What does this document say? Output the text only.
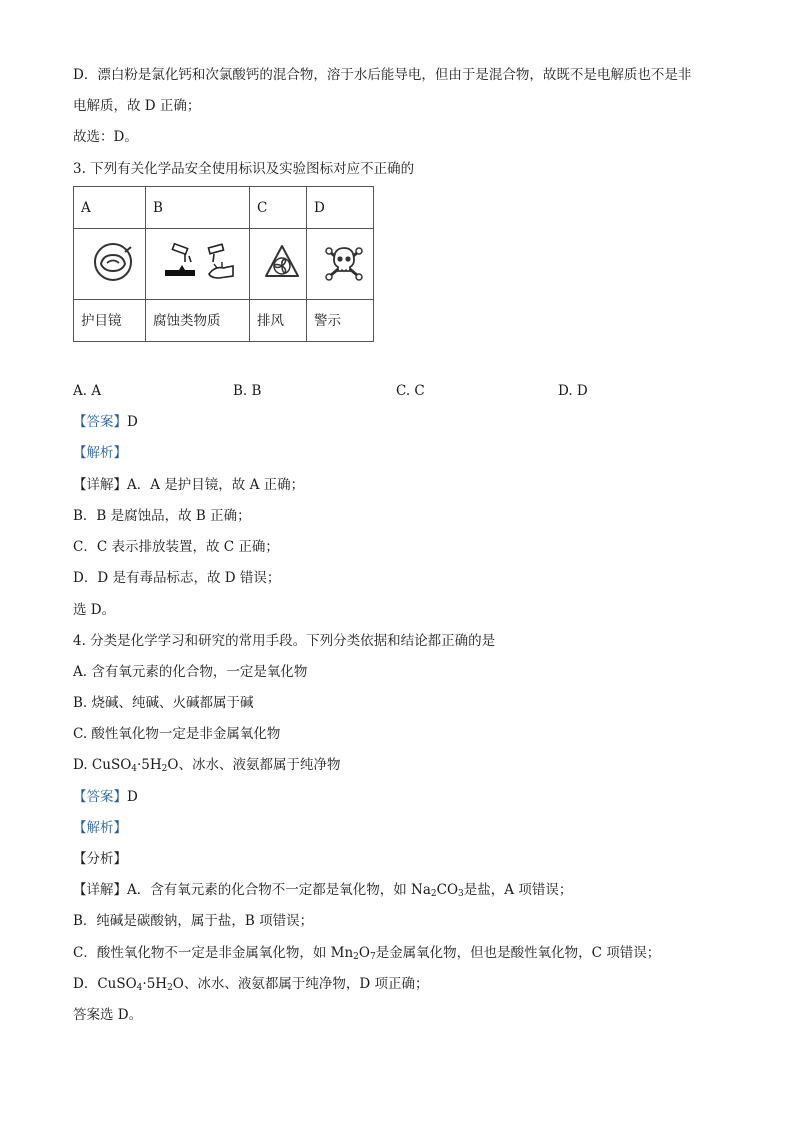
D．漂白粉是氯化钙和次氯酸钙的混合物，溶于水后能导电，但由于是混合物，故既不是电解质也不是非
电解质，故 D 正确；
故选：D。
3. 下列有关化学品安全使用标识及实验图标对应不正确的
A	B	C	D

护目镜	腐蚀类物质	排风	警示
A. A	B. B	C. C	D. D
【答案】D
【解析】
【详解】A．A 是护目镜，故 A 正确；
B．B 是腐蚀品，故 B 正确；
C．C 表示排放装置，故 C 正确；
D．D 是有毒品标志，故 D 错误；
选 D。
4. 分类是化学学习和研究的常用手段。下列分类依据和结论都正确的是
A. 含有氧元素的化合物，一定是氧化物
B. 烧碱、纯碱、火碱都属于碱
C. 酸性氧化物一定是非金属氧化物
D. $CuSO_4\cdot 5H_2O$、冰水、液氨都属于纯净物
【答案】D
【解析】
【分析】
【详解】A．含有氧元素的化合物不一定都是氧化物，如 $Na_2CO_3$是盐，A 项错误；
B．纯碱是碳酸钠，属于盐，B 项错误；
C．酸性氧化物不一定是非金属氧化物，如 $Mn_2O_7$是金属氧化物，但也是酸性氧化物，C 项错误；
D．$CuSO_4\cdot 5H_2O$、冰水、液氨都属于纯净物，D 项正确；
答案选 D。
